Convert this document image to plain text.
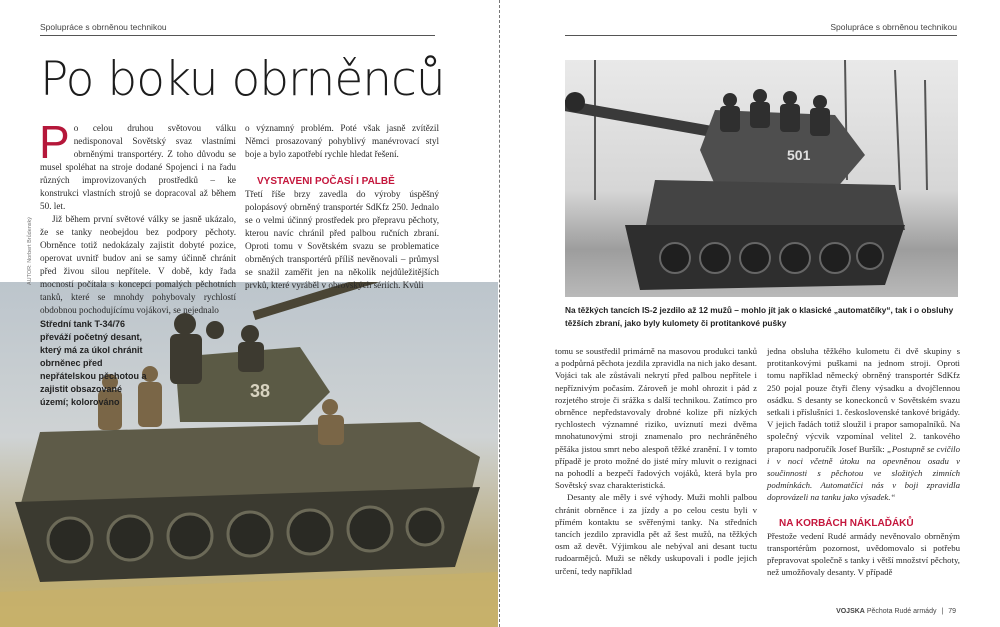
Spolupráce s obrněnou technikou
Po boku obrněnců
38
AUTOR: Norbert Brůdenský
P o celou druhou světovou válku nedisponoval Sovětský svaz vlastními obrněnými transportéry. Z toho důvodu se musel spoléhat na stroje dodané Spojenci i na řadu různých improvizovaných prostředků – ke konstrukci vlastních strojů se dopracoval až během 50. let.

Již během první světové války se jasně ukázalo, že se tanky neobejdou bez podpory pěchoty. Obrněnce totiž nedokázaly zajistit dobyté pozice, operovat uvnitř budov ani se samy účinně chránit před živou silou nepřítele. V době, kdy řada mocností počítala s koncepcí pomalých pěchotních tanků, které se mnohdy pohybovaly rychlostí obdobnou pochodujícímu vojákovi, se nejednalo

o významný problém. Poté však jasně zvítězil Němci prosazovaný pohyblivý manévrovací styl boje a bylo zapotřebí rychle hledat řešení.

VYSTAVENI POČASÍ I PALBĚ

Třetí říše brzy zavedla do výroby úspěšný polopásový obrněný transportér SdKfz 250. Jednalo se o velmi účinný prostředek pro přepravu pěchoty, kterou navíc chránil před palbou ručních zbraní. Oproti tomu v Sovětském svazu se problematice obrněných transportérů příliš nevěnovali – průmysl se snažil zaměřit jen na několik nejdůležitějších prvků, které vyráběl v obrovských sériích. Kvůli

Střední tank T-34/76 převáží početný desant, který má za úkol chránit obrněnec před nepřátelskou pěchotou a zajistit obsazované území; kolorováno
Spolupráce s obrněnou technikou
501
Na těžkých tancích IS-2 jezdilo až 12 mužů – mohlo jít jak o klasické „automatčíky“, tak i o obsluhy těžších zbraní, jako byly kulomety či protitankové pušky

tomu se soustředil primárně na masovou produkci tanků a podpůrná pěchota jezdila zpravidla na nich jako desant. Vojáci tak ale zůstávali nekrytí před palbou nepřítele i nepříznivým počasím. Zároveň je mohl ohrozit i pád z rozjetého stroje či srážka s další technikou. Zatímco pro obrněnce nepředstavovaly drobné kolize při nízkých rychlostech významné riziko, uvíznutí mezi dvěma mnohatunovými stroji znamenalo pro nechráněného pěšáka jistou smrt nebo alespoň těžké zranění. I v tomto případě je proto možné do jisté míry mluvit o rezignaci na pohodlí a bezpečí řadových vojáků, která byla pro Sovětský svaz charakteristická.

Desanty ale měly i své výhody. Muži mohli palbou chránit obrněnce i za jízdy a po celou cestu byli v přímém kontaktu se svěřenými tanky. Na středních tancích jezdilo zpravidla pět až šest mužů, na těžkých osm až devět. Výjimkou ale nebýval ani desant tuctu rudoarmějců. Muži se někdy uskupovali i podle jejich určení, tedy například

jedna obsluha těžkého kulometu či dvě skupiny s protitankovými puškami na jednom stroji. Oproti tomu například německý obrněný transportér SdKfz 250 pojal pouze čtyři členy výsadku a dvojčlennou osádku. S desanty se koneckonců v Sovětském svazu setkali i příslušníci 1. československé tankové brigády. V jejich řadách totiž sloužil i prapor samopalníků. Na společný výcvik vzpomínal velitel 2. tankového praporu nadporučík Josef Buršík: „Postupně se cvičilo i v noci včetně útoku na opevněnou osadu v součinnosti s pěchotou ve složitých zimních podmínkách. Automatčíci nás v boji zpravidla doprovázeli na tanku jako výsadek.“

NA KORBÁCH NÁKLAĎÁKŮ

Přestože vedení Rudé armády nevěnovalo obrněným transportérům pozornost, uvědomovalo si potřebu přepravovat společně s tanky i větší množství pěchoty, než umožňovaly desanty. V případě

VOJSKA Pěchota Rudé armády | 79
